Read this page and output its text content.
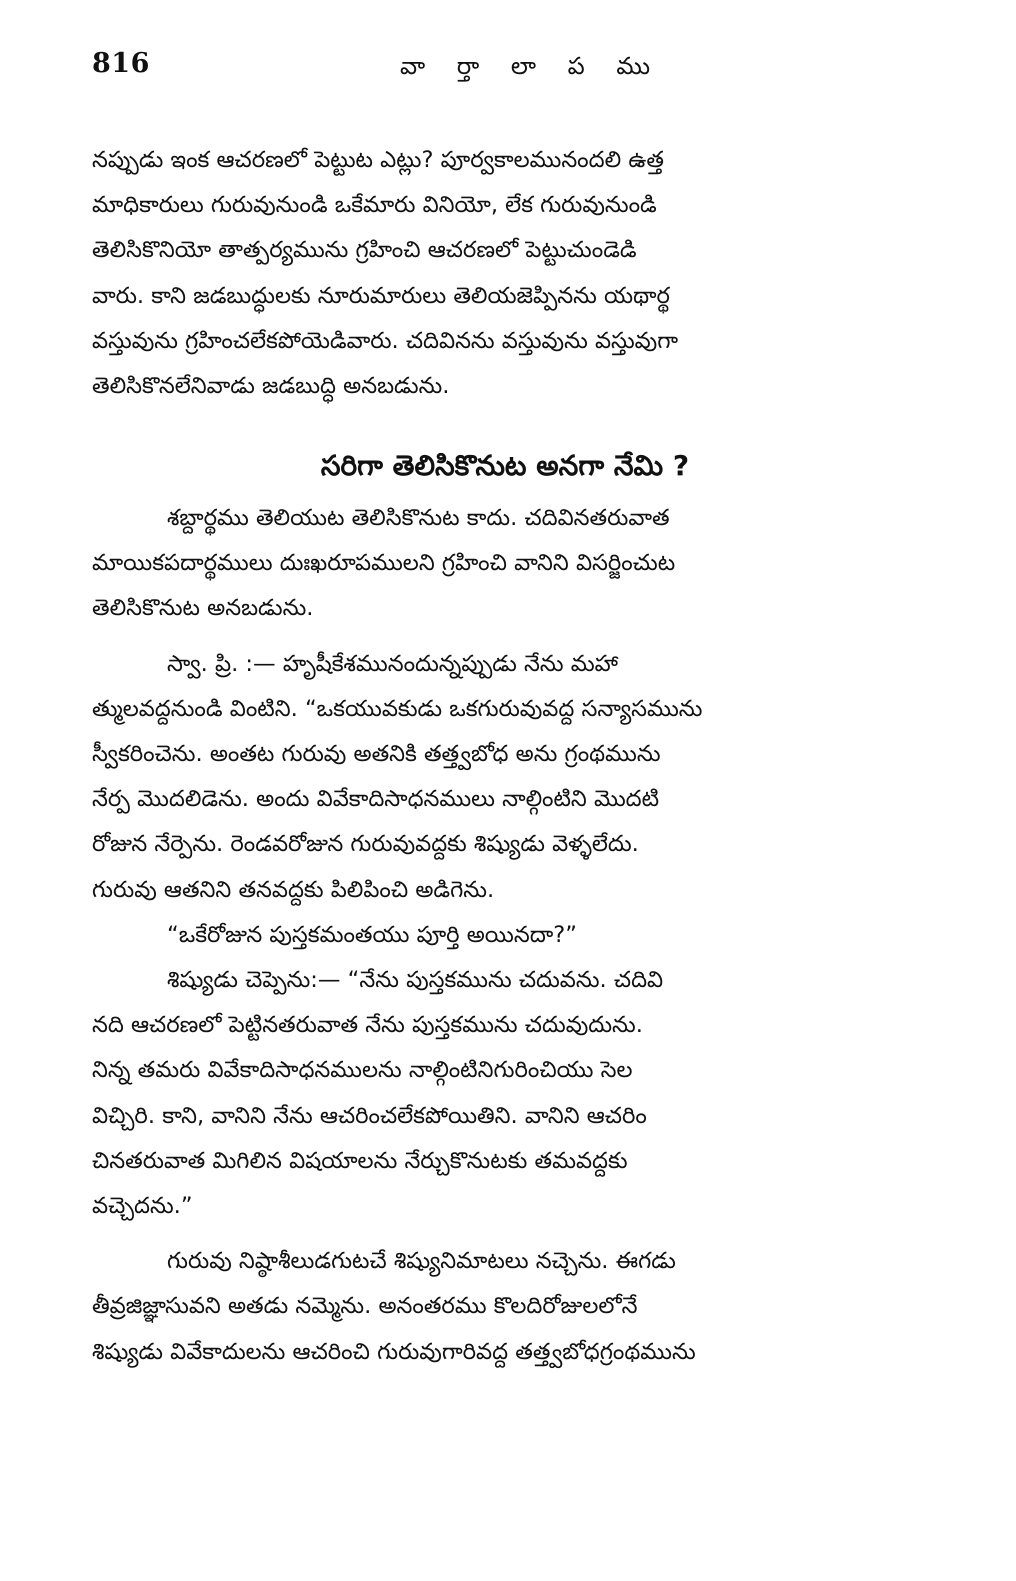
816	వా ర్తా లా ప ము
నప్పుడు ఇంక ఆచరణలో పెట్టుట ఎట్లు? పూర్వకాలమునందలి ఉత్త
మాధికారులు గురువునుండి ఒకేమారు వినియో, లేక గురువునుండి
తెలిసికొనియో తాత్పర్యమును గ్రహించి ఆచరణలో పెట్టుచుండెడి
వారు. కాని జడబుద్ధులకు నూరుమారులు తెలియజెప్పినను యథార్థ
వస్తువును గ్రహించలేకపోయెడివారు. చదివినను వస్తువును వస్తువుగా
తెలిసికొనలేనివాడు జడబుద్ధి అనబడును.
సరిగా తెలిసికొనుట అనగా నేమి ?
శబ్దార్థము తెలియుట తెలిసికొనుట కాదు. చదివినతరువాత
మాయికపదార్థములు దుఃఖరూపములని గ్రహించి వానిని విసర్జించుట
తెలిసికొనుట అనబడును.
స్వా. ప్రి. :— హృషీకేశమునందున్నప్పుడు నేను మహా
త్ములవద్దనుండి వింటిని. “ఒకయువకుడు ఒకగురువువద్ద సన్యాసమును
స్వీకరించెను. అంతట గురువు అతనికి తత్త్వబోధ అను గ్రంథమును
నేర్ప మొదలిడెను. అందు వివేకాదిసాధనములు నాల్గింటిని మొదటి
రోజున నేర్పెను. రెండవరోజున గురువువద్దకు శిష్యుడు వెళ్ళలేదు.
గురువు ఆతనిని తనవద్దకు పిలిపించి అడిగెను.
“ఒకేరోజున పుస్తకమంతయు పూర్తి అయినదా?”
శిష్యుడు చెప్పెను:— “నేను పుస్తకమును చదువను. చదివి
నది ఆచరణలో పెట్టినతరువాత నేను పుస్తకమును చదువుదును.
నిన్న తమరు వివేకాదిసాధనములను నాల్గింటినిగురించియు సెల
విచ్చిరి. కాని, వానిని నేను ఆచరించలేకపోయితిని. వానిని ఆచరిం
చినతరువాత మిగిలిన విషయాలను నేర్చుకొనుటకు తమవద్దకు
వచ్చెదను.”
గురువు నిష్ఠాశీలుడగుటచే శిష్యునిమాటలు నచ్చెను. ఈగడు
తీవ్రజిజ్ఞాసువని అతడు నమ్మెను. అనంతరము కొలదిరోజులలోనే
శిష్యుడు వివేకాదులను ఆచరించి గురువుగారివద్ద తత్త్వబోధగ్రంథమును
